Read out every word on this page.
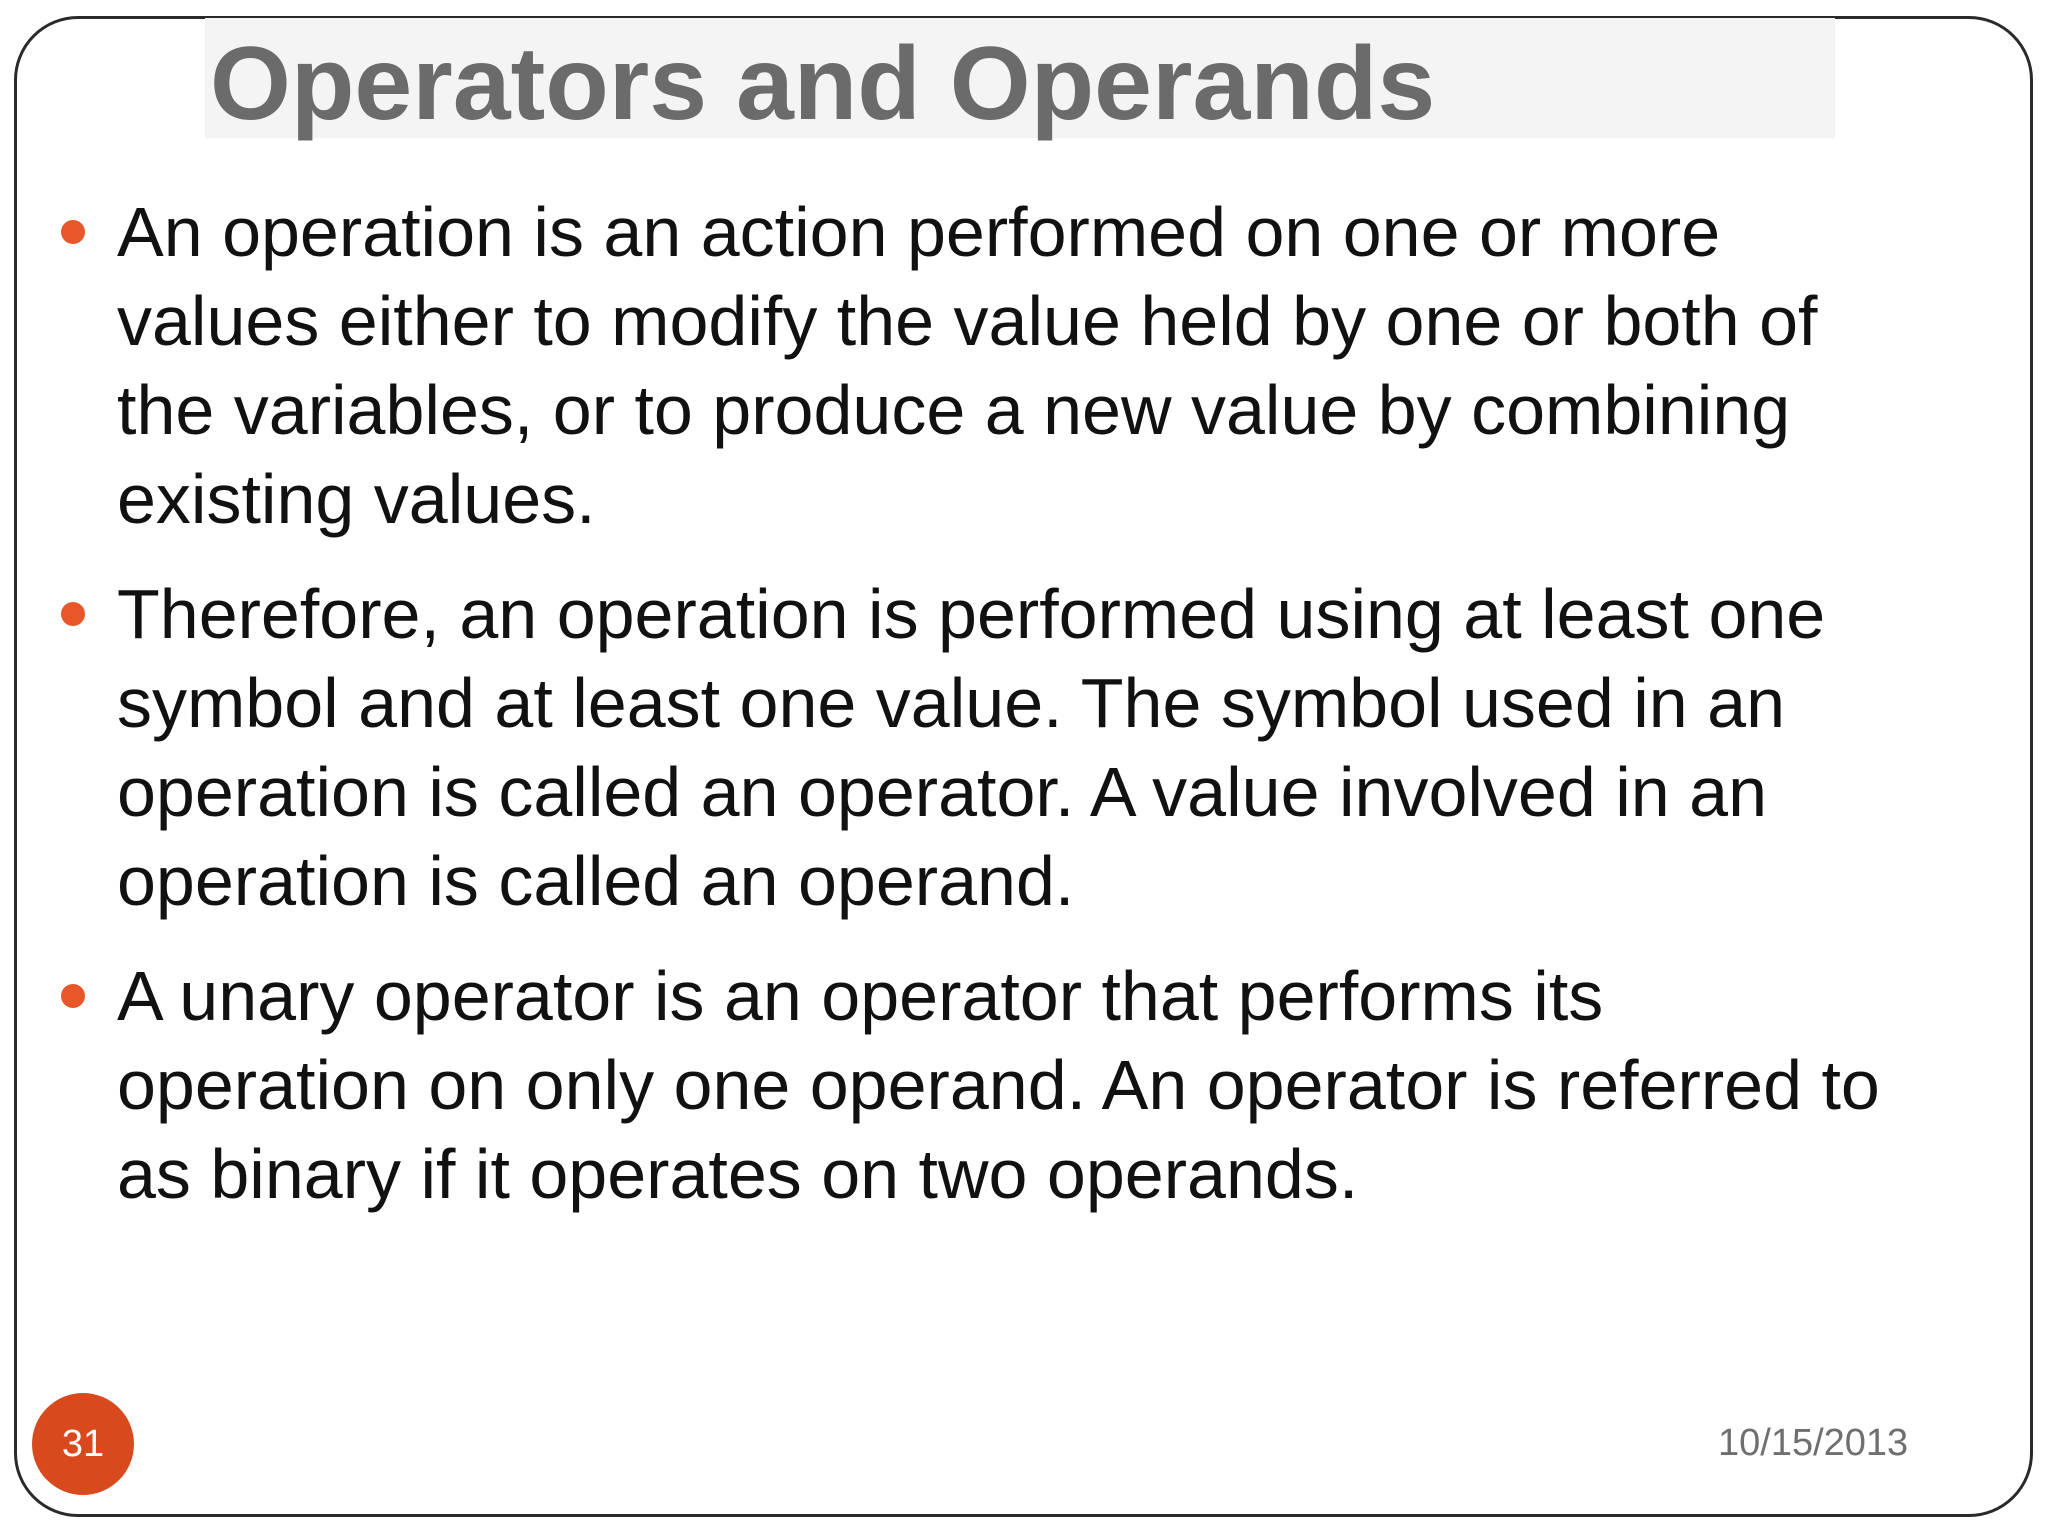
Operators and Operands
An operation is an action performed on one or more
values either to modify the value held by one or both of
the variables, or to produce a new value by combining
existing values.
Therefore, an operation is performed using at least one
symbol and at least one value. The symbol used in an
operation is called an operator. A value involved in an
operation is called an operand.
A unary operator is an operator that performs its
operation on only one operand. An operator is referred to
as binary if it operates on two operands.
31	10/15/2013
